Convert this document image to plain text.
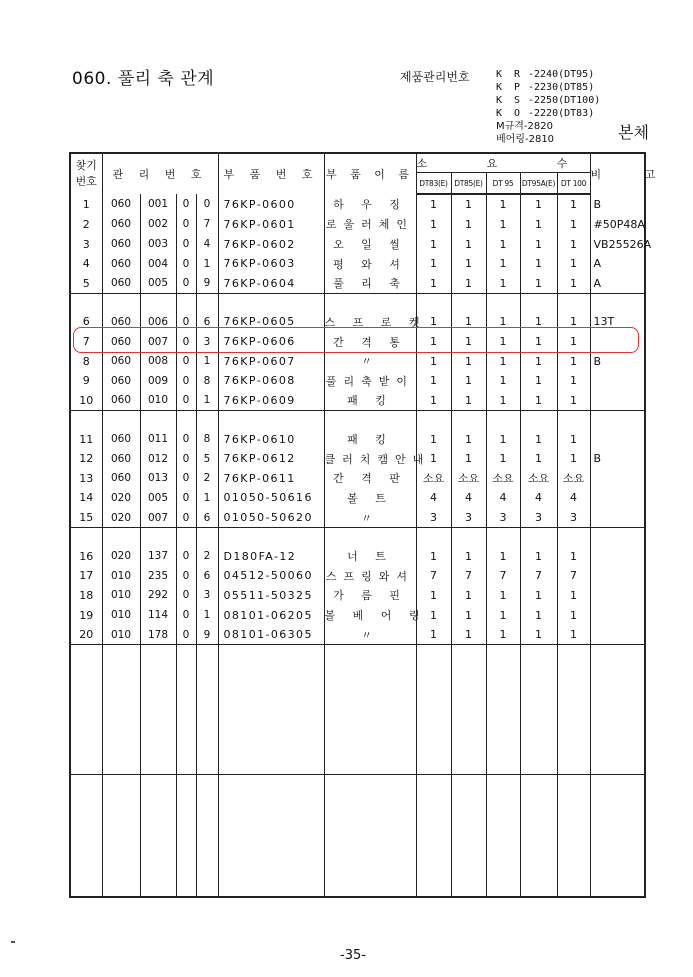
060. 풀리 축 관계	제품관리번호	K R -2240(DT95)
K P -2230(DT85)
K S -2250(DT100)
K O -2220(DT83)
M규격-2820
베어링-2810	본체
찾기
번호	관 리 번 호				부 품 번 호	부 품 이 름	소 요 수					비 고
							DT83(E)	DT85(E)	DT 95	DT95A(E)	DT 100	
1	060	001	0	0	76KP-0600	하 우 징	1	1	1	1	1	B
2	060	002	0	7	76KP-0601	로울러체인	1	1	1	1	1	#50P48A
3	060	003	0	4	76KP-0602	오 일 씰	1	1	1	1	1	VB25526A
4	060	004	0	1	76KP-0603	평 와 셔	1	1	1	1	1	A
5	060	005	0	9	76KP-0604	풀 리 축	1	1	1	1	1	A

6	060	006	0	6	76KP-0605	스 프 로 켓	1	1	1	1	1	13T
7	060	007	0	3	76KP-0606	간 격 통	1	1	1	1	1	
8	060	008	0	1	76KP-0607	〃	1	1	1	1	1	B
9	060	009	0	8	76KP-0608	풀리축받이	1	1	1	1	1	
10	060	010	0	1	76KP-0609	패 킹	1	1	1	1	1	

11	060	011	0	8	76KP-0610	패 킹	1	1	1	1	1	
12	060	012	0	5	76KP-0612	클러치캠안내	1	1	1	1	1	B
13	060	013	0	2	76KP-0611	간 격 판	소요	소요	소요	소요	소요	
14	020	005	0	1	01050-50616	볼 트	4	4	4	4	4	
15	020	007	0	6	01050-50620	〃	3	3	3	3	3	

16	020	137	0	2	D180FA-12	너 트	1	1	1	1	1	
17	010	235	0	6	04512-50060	스프링와셔	7	7	7	7	7	
18	010	292	0	3	05511-50325	가 름 핀	1	1	1	1	1	
19	010	114	0	1	08101-06205	볼 베 어 링	1	1	1	1	1	
20	010	178	0	9	08101-06305	〃	1	1	1	1	1	

-35-
